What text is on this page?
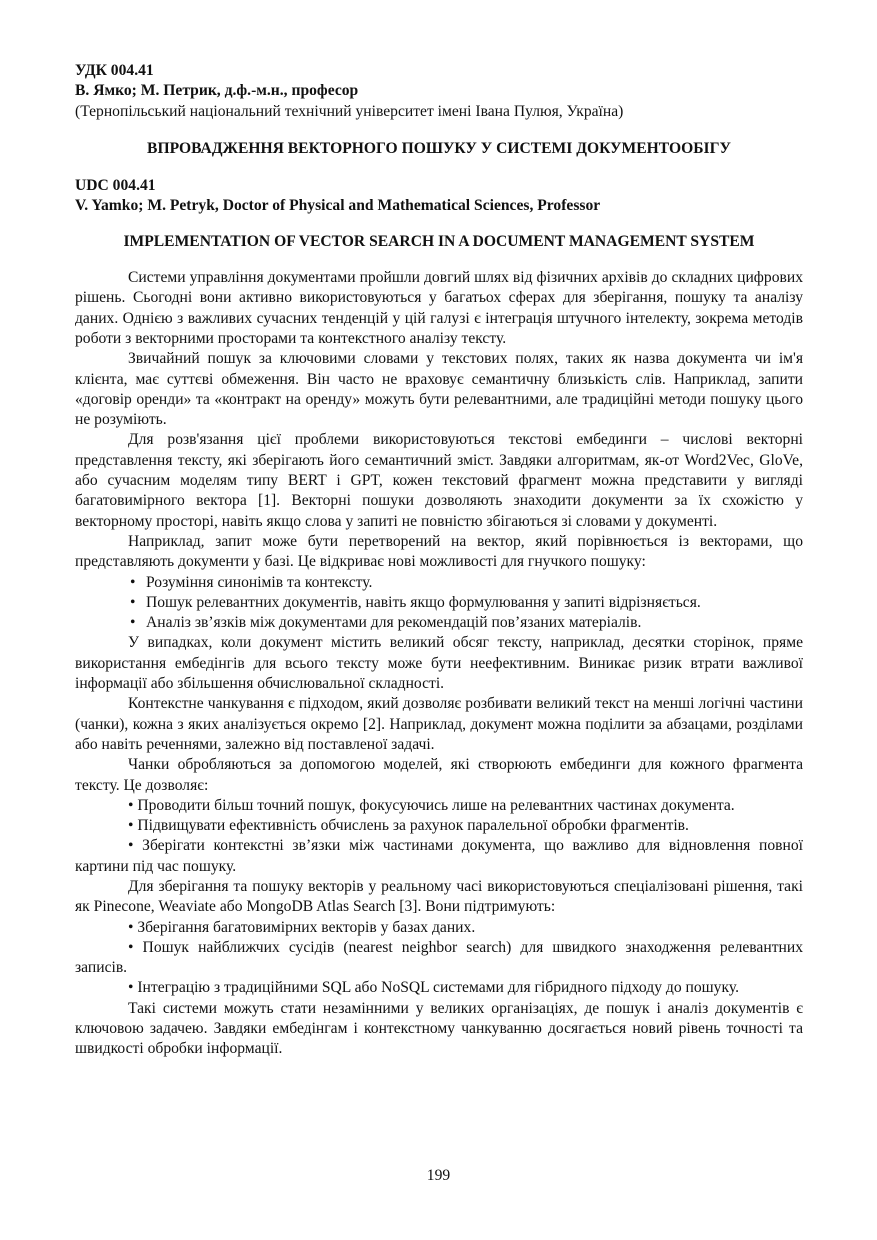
УДК 004.41

В. Ямко; М. Петрик, д.ф.-м.н., професор

(Тернопільський національний технічний університет імені Івана Пулюя, Україна)

ВПРОВАДЖЕННЯ ВЕКТОРНОГО ПОШУКУ У СИСТЕМІ ДОКУМЕНТООБІГУ

UDC 004.41

V. Yamko; M. Petryk, Doctor of Physical and Mathematical Sciences, Professor

IMPLEMENTATION OF VECTOR SEARCH IN A DOCUMENT MANAGEMENT SYSTEM

Системи управління документами пройшли довгий шлях від фізичних архівів до складних цифрових рішень. Сьогодні вони активно використовуються у багатьох сферах для зберігання, пошуку та аналізу даних. Однією з важливих сучасних тенденцій у цій галузі є інтеграція штучного інтелекту, зокрема методів роботи з векторними просторами та контекстного аналізу тексту.

Звичайний пошук за ключовими словами у текстових полях, таких як назва документа чи ім'я клієнта, має суттєві обмеження. Він часто не враховує семантичну близькість слів. Наприклад, запити «договір оренди» та «контракт на оренду» можуть бути релевантними, але традиційні методи пошуку цього не розуміють.

Для розв'язання цієї проблеми використовуються текстові ембединги – числові векторні представлення тексту, які зберігають його семантичний зміст. Завдяки алгоритмам, як-от Word2Vec, GloVe, або сучасним моделям типу BERT і GPT, кожен текстовий фрагмент можна представити у вигляді багатовимірного вектора [1]. Векторні пошуки дозволяють знаходити документи за їх схожістю у векторному просторі, навіть якщо слова у запиті не повністю збігаються зі словами у документі.

Наприклад, запит може бути перетворений на вектор, який порівнюється із векторами, що представляють документи у базі. Це відкриває нові можливості для гнучкого пошуку:

• Розуміння синонімів та контексту.

• Пошук релевантних документів, навіть якщо формулювання у запиті відрізняється.

• Аналіз зв’язків між документами для рекомендацій пов’язаних матеріалів.

У випадках, коли документ містить великий обсяг тексту, наприклад, десятки сторінок, пряме використання ембедінгів для всього тексту може бути неефективним. Виникає ризик втрати важливої інформації або збільшення обчислювальної складності.

Контекстне чанкування є підходом, який дозволяє розбивати великий текст на менші логічні частини (чанки), кожна з яких аналізується окремо [2]. Наприклад, документ можна поділити за абзацами, розділами або навіть реченнями, залежно від поставленої задачі.

Чанки обробляються за допомогою моделей, які створюють ембединги для кожного фрагмента тексту. Це дозволяє:

• Проводити більш точний пошук, фокусуючись лише на релевантних частинах документа.

• Підвищувати ефективність обчислень за рахунок паралельної обробки фрагментів.

• Зберігати контекстні зв’язки між частинами документа, що важливо для відновлення повної картини під час пошуку.

Для зберігання та пошуку векторів у реальному часі використовуються спеціалізовані рішення, такі як Pinecone, Weaviate або MongoDB Atlas Search [3]. Вони підтримують:

• Зберігання багатовимірних векторів у базах даних.

• Пошук найближчих сусідів (nearest neighbor search) для швидкого знаходження релевантних записів.

• Інтеграцію з традиційними SQL або NoSQL системами для гібридного підходу до пошуку.

Такі системи можуть стати незамінними у великих організаціях, де пошук і аналіз документів є ключовою задачею. Завдяки ембедінгам і контекстному чанкуванню досягається новий рівень точності та швидкості обробки інформації.

199
